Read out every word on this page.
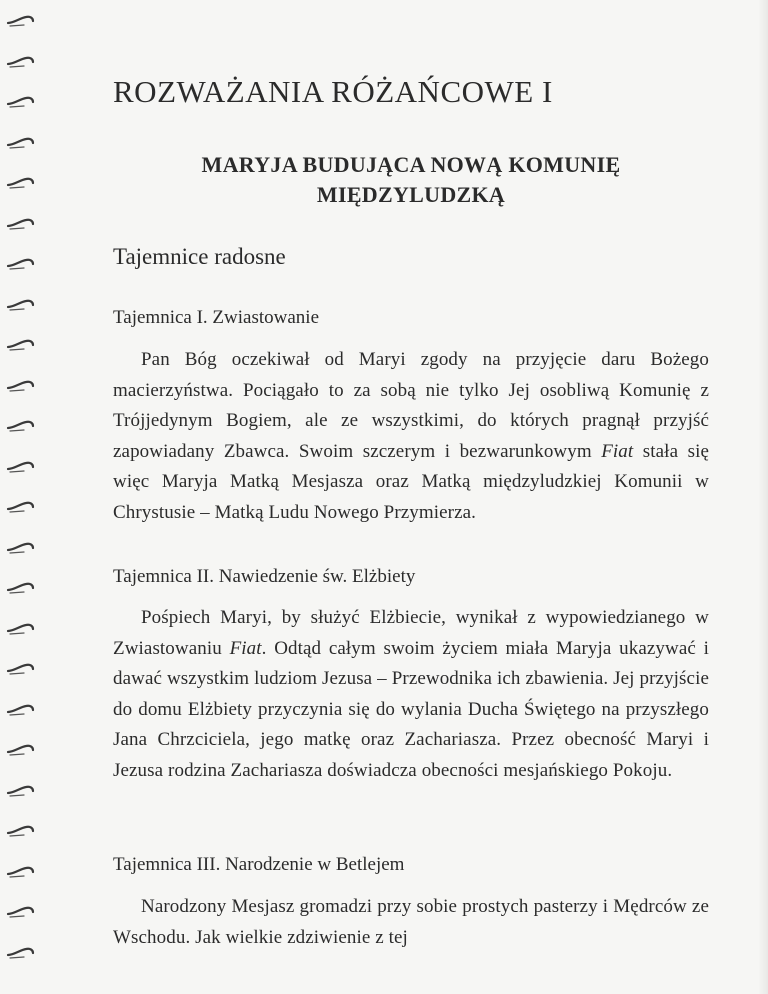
ROZWAŻANIA RÓŻAŃCOWE I
MARYJA BUDUJĄCA NOWĄ KOMUNIĘ
MIĘDZYLUDZKĄ
Tajemnice radosne
Tajemnica I. Zwiastowanie

Pan Bóg oczekiwał od Maryi zgody na przyjęcie daru Bożego macierzyństwa. Pociągało to za sobą nie tylko Jej osobliwą Komunię z Trójjedynym Bogiem, ale ze wszystkimi, do których pragnął przyjść zapowiadany Zbawca. Swoim szczerym i bezwarunkowym Fiat stała się więc Maryja Matką Mesjasza oraz Matką międzyludzkiej Komunii w Chrystusie – Matką Ludu Nowego Przymierza.

Tajemnica II. Nawiedzenie św. Elżbiety

Pośpiech Maryi, by służyć Elżbiecie, wynikał z wypowiedzianego w Zwiastowaniu Fiat. Odtąd całym swoim życiem miała Maryja ukazywać i dawać wszystkim ludziom Jezusa – Przewodnika ich zbawienia. Jej przyjście do domu Elżbiety przyczynia się do wylania Ducha Świętego na przyszłego Jana Chrzciciela, jego matkę oraz Zachariasza. Przez obecność Maryi i Jezusa rodzina Zachariasza doświadcza obecności mesjańskiego Pokoju.

Tajemnica III. Narodzenie w Betlejem

Narodzony Mesjasz gromadzi przy sobie prostych pasterzy i Mędrców ze Wschodu. Jak wielkie zdziwienie z tej
